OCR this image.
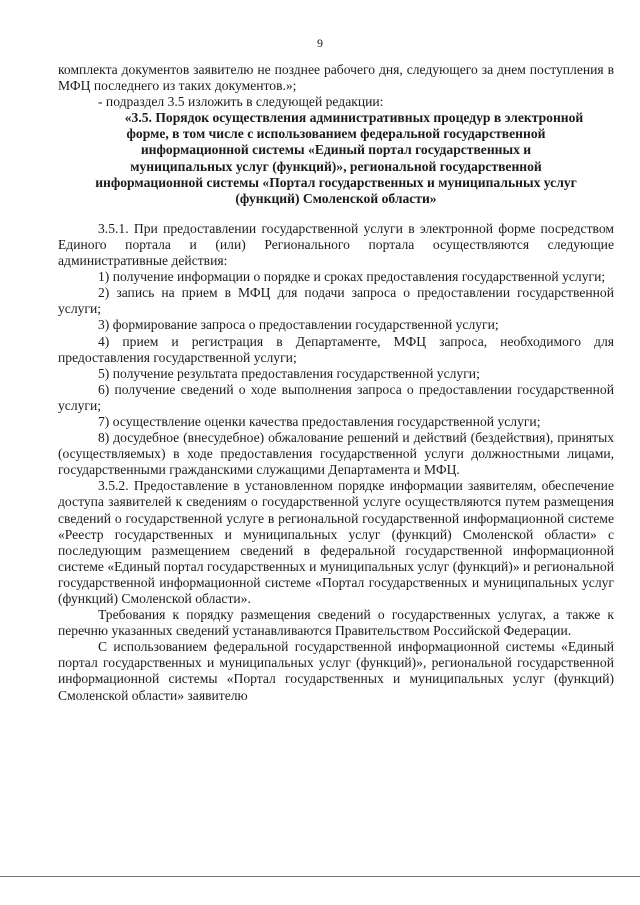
9

комплекта документов заявителю не позднее рабочего дня, следующего за днем поступления в МФЦ последнего из таких документов.»;

- подраздел 3.5 изложить в следующей редакции:

«3.5. Порядок осуществления административных процедур в электронной

форме, в том числе с использованием федеральной государственной

информационной системы «Единый портал государственных и

муниципальных услуг (функций)», региональной государственной

информационной системы «Портал государственных и муниципальных услуг

(функций) Смоленской области»

3.5.1. При предоставлении государственной услуги в электронной форме посредством Единого портала и (или) Регионального портала осуществляются следующие административные действия:

1) получение информации о порядке и сроках предоставления государственной услуги;

2) запись на прием в МФЦ для подачи запроса о предоставлении государственной услуги;

3) формирование запроса о предоставлении государственной услуги;

4) прием и регистрация в Департаменте, МФЦ запроса, необходимого для предоставления государственной услуги;

5) получение результата предоставления государственной услуги;

6) получение сведений о ходе выполнения запроса о предоставлении государственной услуги;

7) осуществление оценки качества предоставления государственной услуги;

8) досудебное (внесудебное) обжалование решений и действий (бездействия), принятых (осуществляемых) в ходе предоставления государственной услуги должностными лицами, государственными гражданскими служащими Департамента и МФЦ.

3.5.2. Предоставление в установленном порядке информации заявителям, обеспечение доступа заявителей к сведениям о государственной услуге осуществляются путем размещения сведений о государственной услуге в региональной государственной информационной системе «Реестр государственных и муниципальных услуг (функций) Смоленской области» с последующим размещением сведений в федеральной государственной информационной системе «Единый портал государственных и муниципальных услуг (функций)» и региональной государственной информационной системе «Портал государственных и муниципальных услуг (функций) Смоленской области».

Требования к порядку размещения сведений о государственных услугах, а также к перечню указанных сведений устанавливаются Правительством Российской Федерации.

С использованием федеральной государственной информационной системы «Единый портал государственных и муниципальных услуг (функций)», региональной государственной информационной системы «Портал государственных и муниципальных услуг (функций) Смоленской области» заявителю
